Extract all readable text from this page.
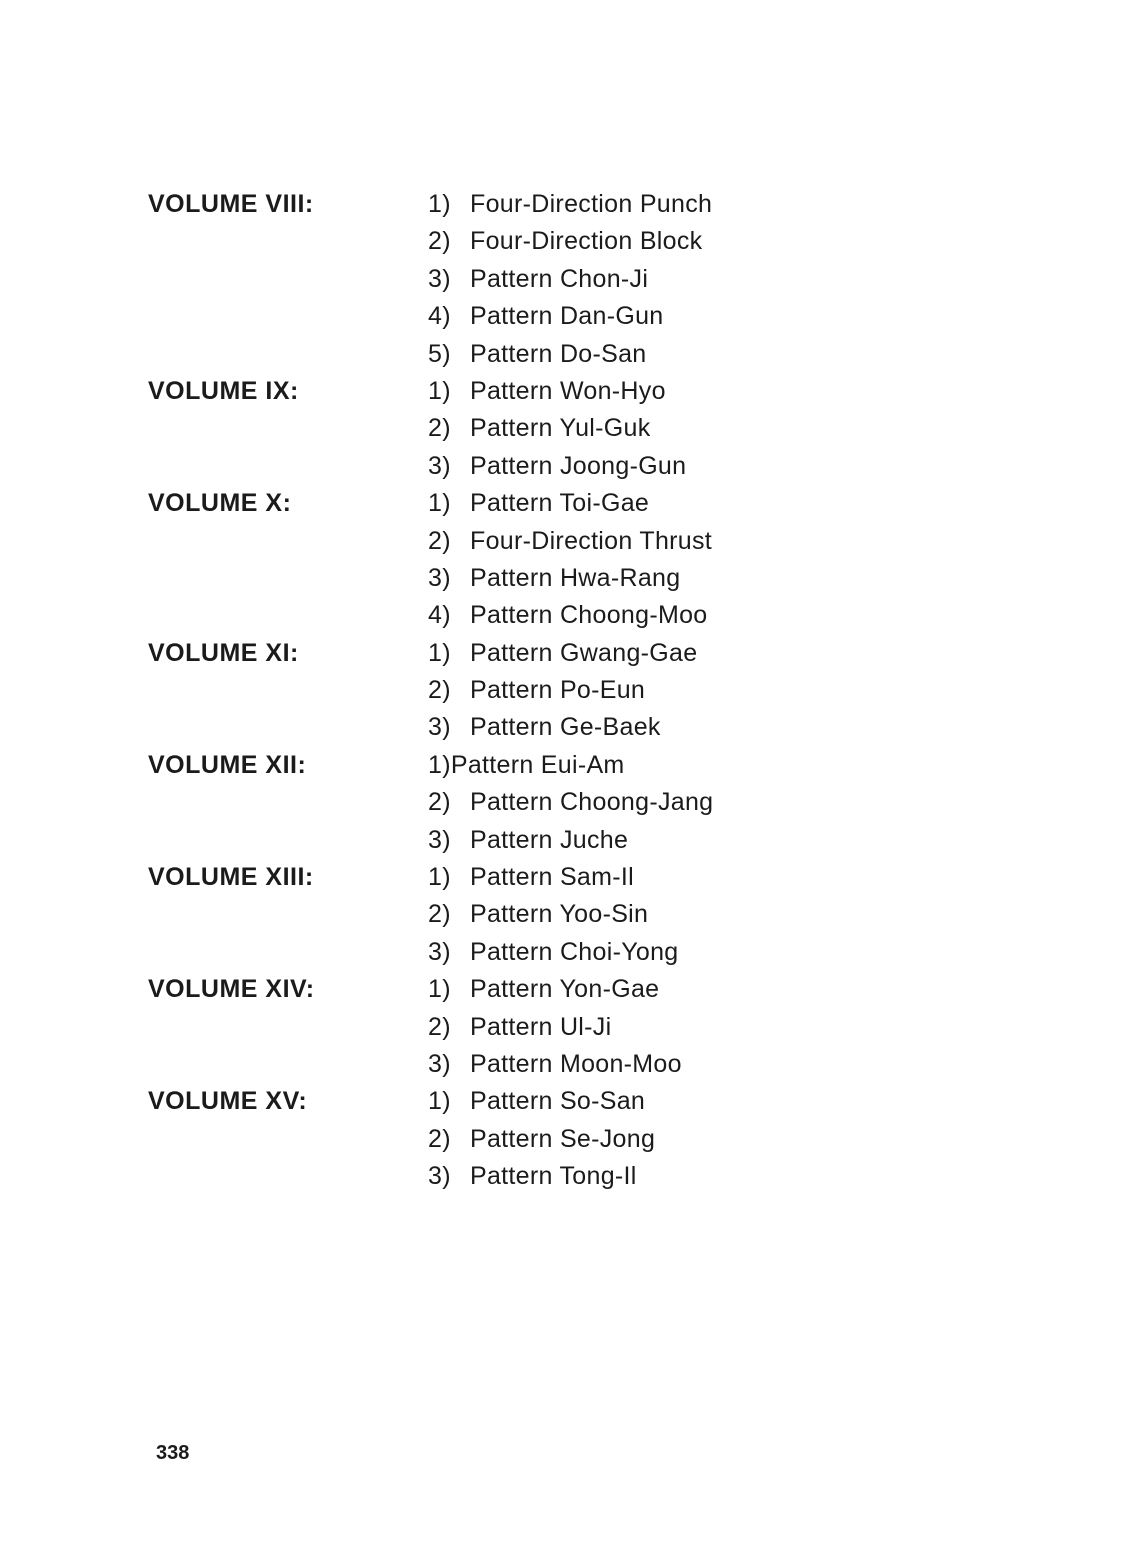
VOLUME VIII:	1) Four-Direction Punch
2) Four-Direction Block
3) Pattern Chon-Ji
4) Pattern Dan-Gun
5) Pattern Do-San
VOLUME IX:	1) Pattern Won-Hyo
2) Pattern Yul-Guk
3) Pattern Joong-Gun
VOLUME X:	1) Pattern Toi-Gae
2) Four-Direction Thrust
3) Pattern Hwa-Rang
4) Pattern Choong-Moo
VOLUME XI:	1) Pattern Gwang-Gae
2) Pattern Po-Eun
3) Pattern Ge-Baek
VOLUME XII:	1)Pattern Eui-Am
2) Pattern Choong-Jang
3) Pattern Juche
VOLUME XIII:	1) Pattern Sam-Il
2) Pattern Yoo-Sin
3) Pattern Choi-Yong
VOLUME XIV:	1) Pattern Yon-Gae
2) Pattern Ul-Ji
3) Pattern Moon-Moo
VOLUME XV:	1) Pattern So-San
2) Pattern Se-Jong
3) Pattern Tong-Il
338
